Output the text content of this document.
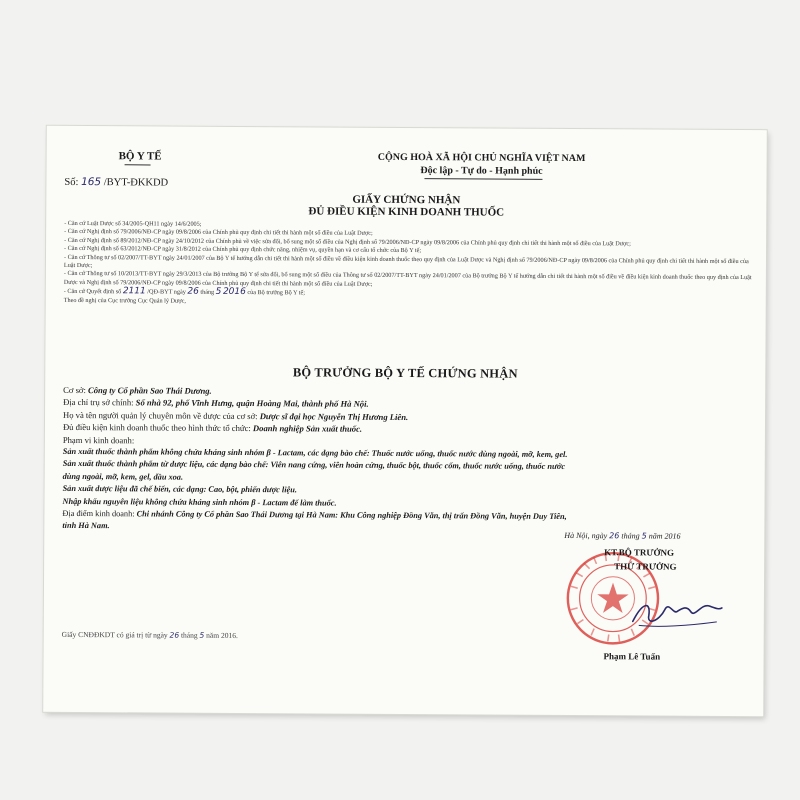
BỘ Y TẾ
Số: 165 /BYT-ĐKKDD
CỘNG HOÀ XÃ HỘI CHỦ NGHĨA VIỆT NAM
Độc lập - Tự do - Hạnh phúc
GIẤY CHỨNG NHẬN
ĐỦ ĐIỀU KIỆN KINH DOANH THUỐC
- Căn cứ Luật Dược số 34/2005-QH11 ngày 14/6/2005;
- Căn cứ Nghị định số 79/2006/NĐ-CP ngày 09/8/2006 của Chính phủ quy định chi tiết thi hành một số điều của Luật Dược;
- Căn cứ Nghị định số 89/2012/NĐ-CP ngày 24/10/2012 của Chính phủ về việc sửa đổi, bổ sung một số điều của Nghị định số 79/2006/NĐ-CP ngày 09/8/2006 của Chính phủ quy định chi tiết thi hành một số điều của Luật Dược;
- Căn cứ Nghị định số 63/2012/NĐ-CP ngày 31/8/2012 của Chính phủ quy định chức năng, nhiệm vụ, quyền hạn và cơ cấu tổ chức của Bộ Y tế;
- Căn cứ Thông tư số 02/2007/TT-BYT ngày 24/01/2007 của Bộ Y tế hướng dẫn chi tiết thi hành một số điều về điều kiện kinh doanh thuốc theo quy định của Luật Dược và Nghị định số 79/2006/NĐ-CP ngày 09/8/2006 của Chính phủ quy định chi tiết thi hành một số điều của Luật Dược;
- Căn cứ Thông tư số 10/2013/TT-BYT ngày 29/3/2013 của Bộ trưởng Bộ Y tế sửa đổi, bổ sung một số điều của Thông tư số 02/2007/TT-BYT ngày 24/01/2007 của Bộ trưởng Bộ Y tế hướng dẫn chi tiết thi hành một số điều về điều kiện kinh doanh thuốc theo quy định của Luật Dược và Nghị định số 79/2006/NĐ-CP ngày 09/8/2006 của Chính phủ quy định chi tiết thi hành một số điều của Luật Dược;
- Căn cứ Quyết định số 2111 /QĐ-BYT ngày 26 tháng 5 2016 của Bộ trưởng Bộ Y tế;
Theo đề nghị của Cục trưởng Cục Quản lý Dược,
BỘ TRƯỞNG BỘ Y TẾ CHỨNG NHẬN
Cơ sở: Công ty Cổ phần Sao Thái Dương.
Địa chỉ trụ sở chính: Số nhà 92, phố Vĩnh Hưng, quận Hoàng Mai, thành phố Hà Nội.
Họ và tên người quản lý chuyên môn về dược của cơ sở: Dược sĩ đại học Nguyễn Thị Hương Liên.
Đủ điều kiện kinh doanh thuốc theo hình thức tổ chức: Doanh nghiệp Sản xuất thuốc.
Phạm vi kinh doanh:
Sản xuất thuốc thành phẩm không chứa kháng sinh nhóm β - Lactam, các dạng bào chế: Thuốc nước uống, thuốc nước dùng ngoài, mỡ, kem, gel.
Sản xuất thuốc thành phẩm từ dược liệu, các dạng bào chế: Viên nang cứng, viên hoàn cứng, thuốc bột, thuốc cốm, thuốc nước uống, thuốc nước
dùng ngoài, mỡ, kem, gel, dầu xoa.
Sản xuất dược liệu đã chế biến, các dạng: Cao, bột, phiến dược liệu.
Nhập khẩu nguyên liệu không chứa kháng sinh nhóm β - Lactam để làm thuốc.
Địa điểm kinh doanh: Chi nhánh Công ty Cổ phần Sao Thái Dương tại Hà Nam: Khu Công nghiệp Đồng Văn, thị trấn Đồng Văn, huyện Duy Tiên,
tỉnh Hà Nam.
Hà Nội, ngày 26 tháng 5 năm 2016
KT.BỘ TRƯỞNG
THỨ TRƯỞNG
Phạm Lê Tuấn
Giấy CNĐĐKDT có giá trị từ ngày 26 tháng 5 năm 2016.
